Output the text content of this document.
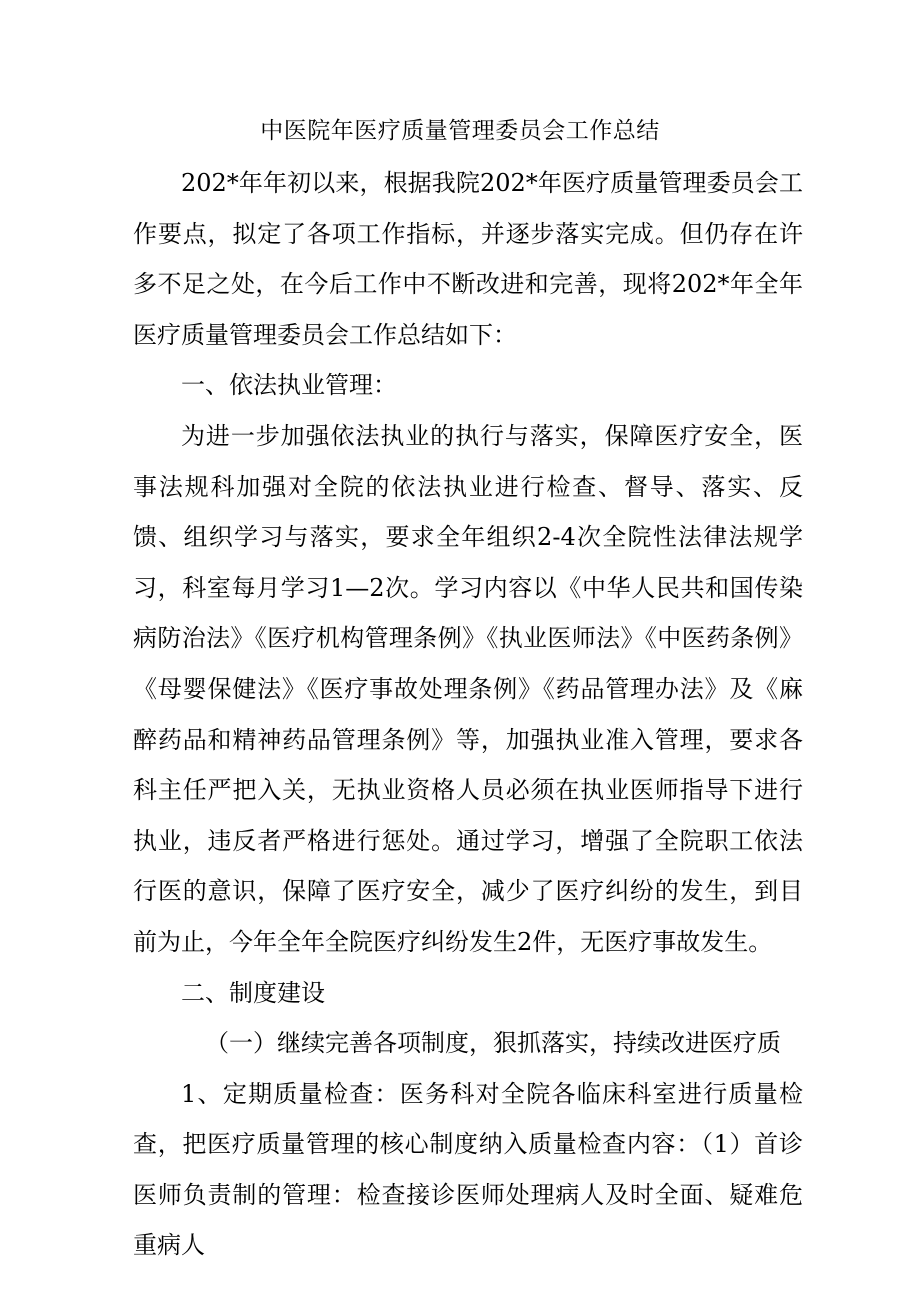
中医院年医疗质量管理委员会工作总结

202*年年初以来，根据我院202*年医疗质量管理委员会工作要点，拟定了各项工作指标，并逐步落实完成。但仍存在许多不足之处，在今后工作中不断改进和完善，现将202*年全年医疗质量管理委员会工作总结如下：

一、依法执业管理：

为进一步加强依法执业的执行与落实，保障医疗安全，医事法规科加强对全院的依法执业进行检查、督导、落实、反馈、组织学习与落实，要求全年组织2-4次全院性法律法规学习，科室每月学习1—2次。学习内容以《中华人民共和国传染病防治法》《医疗机构管理条例》《执业医师法》《中医药条例》《母婴保健法》《医疗事故处理条例》《药品管理办法》及《麻醉药品和精神药品管理条例》等，加强执业准入管理，要求各科主任严把入关，无执业资格人员必须在执业医师指导下进行执业，违反者严格进行惩处。通过学习，增强了全院职工依法行医的意识，保障了医疗安全，减少了医疗纠纷的发生，到目前为止，今年全年全院医疗纠纷发生2件，无医疗事故发生。

二、制度建设

（一）继续完善各项制度，狠抓落实，持续改进医疗质

1、定期质量检查：医务科对全院各临床科室进行质量检查，把医疗质量管理的核心制度纳入质量检查内容：（1）首诊医师负责制的管理：检查接诊医师处理病人及时全面、疑难危重病人
